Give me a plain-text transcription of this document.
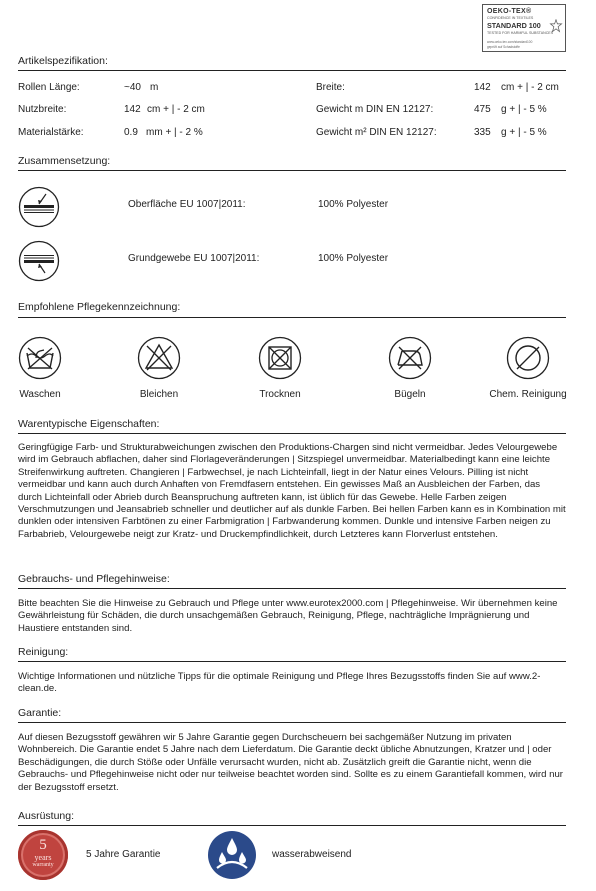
OEKO-TEX®
CONFIDENCE IN TEXTILES
STANDARD 100
TESTED FOR HARMFUL SUBSTANCES
www.oeko-tex.com/standard100
geprüft auf Schadstoffe
Artikelspezifikation:
Rollen Länge:	~40 m	Breite:	142 cm + | - 2 cm
Nutzbreite:	142 cm + | - 2 cm	Gewicht m DIN EN 12127:	475 g + | - 5 %
Materialstärke:	0.9 mm + | - 2 %	Gewicht m² DIN EN 12127:	335 g + | - 5 %
Zusammensetzung:
Oberfläche EU 1007|2011:	100% Polyester
Grundgewebe EU 1007|2011:	100% Polyester
Empfohlene Pflegekennzeichnung:
Waschen	Bleichen	Trocknen	Bügeln	Chem. Reinigung
Warentypische Eigenschaften:
Geringfügige Farb- und Strukturabweichungen zwischen den Produktions-Chargen sind nicht vermeidbar. Jedes Velourgewebe wird im Gebrauch abflachen, daher sind Florlageveränderungen | Sitzspiegel unvermeidbar. Materialbedingt kann eine leichte Streifenwirkung auftreten. Changieren | Farbwechsel, je nach Lichteinfall, liegt in der Natur eines Velours. Pilling ist nicht vermeidbar und kann auch durch Anhaften von Fremdfasern entstehen. Ein gewisses Maß an Ausbleichen der Farben, das durch Lichteinfall oder Abrieb durch Beanspruchung auftreten kann, ist üblich für das Gewebe. Helle Farben zeigen Verschmutzungen und Jeansabrieb schneller und deutlicher auf als dunkle Farben. Bei hellen Farben kann es in Kombination mit dunklen oder intensiven Farbtönen zu einer Farbmigration | Farbwanderung kommen. Dunkle und intensive Farben neigen zu Farbabrieb, Velourgewebe neigt zur Kratz- und Druckempfindlichkeit, durch Letzteres kann Florverlust entstehen.
Gebrauchs- und Pflegehinweise:
Bitte beachten Sie die Hinweise zu Gebrauch und Pflege unter www.eurotex2000.com | Pflegehinweise. Wir übernehmen keine Gewährleistung für Schäden, die durch unsachgemäßen Gebrauch, Reinigung, Pflege, nachträgliche Imprägnierung und Haustiere entstanden sind.
Reinigung:
Wichtige Informationen und nützliche Tipps für die optimale Reinigung und Pflege Ihres Bezugsstoffs finden Sie auf www.2-clean.de.
Garantie:
Auf diesen Bezugsstoff gewähren wir 5 Jahre Garantie gegen Durchscheuern bei sachgemäßer Nutzung im privaten Wohnbereich. Die Garantie endet 5 Jahre nach dem Lieferdatum. Die Garantie deckt übliche Abnutzungen, Kratzer und | oder Beschädigungen, die durch Stöße oder Unfälle verursacht wurden, nicht ab. Zusätzlich greift die Garantie nicht, wenn die Gebrauchs- und Pflegehinweise nicht oder nur teilweise beachtet worden sind. Sollte es zu einem Garantiefall kommen, wird nur der Bezugsstoff ersetzt.
Ausrüstung:
5
years
warranty
5 Jahre Garantie	wasserabweisend
